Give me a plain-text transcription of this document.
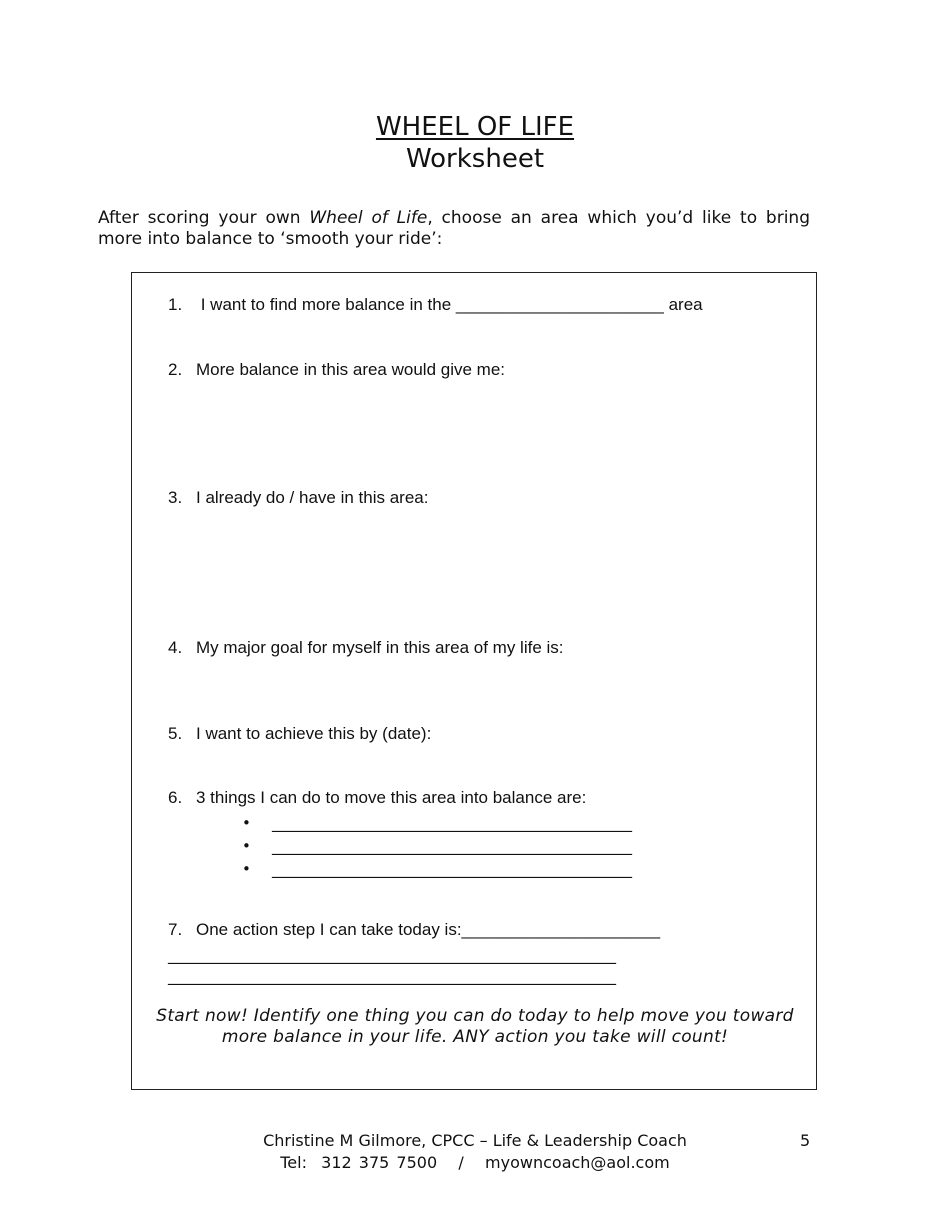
WHEEL OF LIFE
Worksheet
After scoring your own Wheel of Life, choose an area which you’d like to bring more into balance to ‘smooth your ride’:
1. I want to find more balance in the ______________________ area
2. More balance in this area would give me:
3. I already do / have in this area:
4. My major goal for myself in this area of my life is:
5. I want to achieve this by (date):
6. 3 things I can do to move this area into balance are:
• _____________________________________________
• _____________________________________________
• _____________________________________________
7. One action step I can take today is:_____________________
________________________________________________________
________________________________________________________
Start now! Identify one thing you can do today to help move you toward
more balance in your life. ANY action you take will count!
Christine M Gilmore, CPCC – Life & Leadership Coach
Tel:  312 375 7500   /   myowncoach@aol.com
5
